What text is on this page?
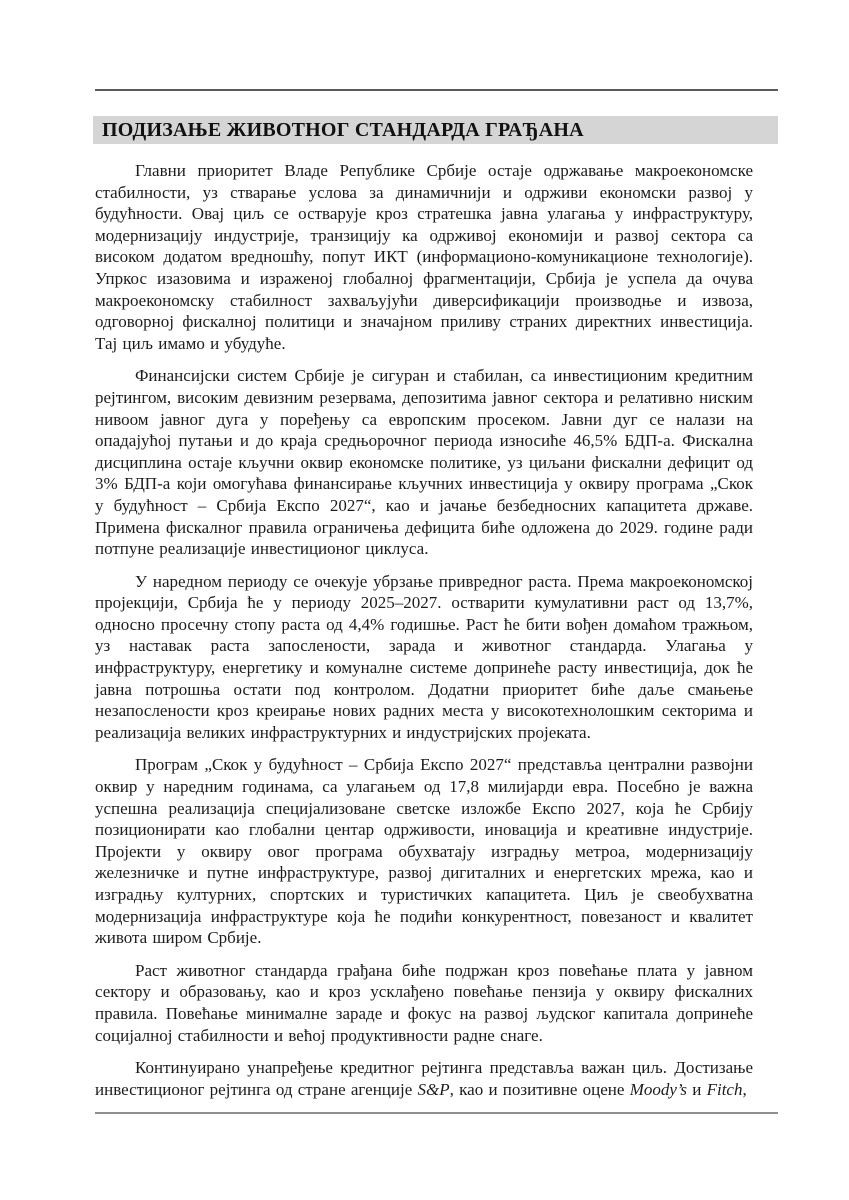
ПОДИЗАЊЕ ЖИВОТНОГ СТАНДАРДА ГРАЂАНА

Главни приоритет Владе Републике Србије остаје одржавање макроекономске стабилности, уз стварање услова за динамичнији и одрживи економски развој у будућности. Овај циљ се остварује кроз стратешка јавна улагања у инфраструктуру, модернизацију индустрије, транзицију ка одрживој економији и развој сектора са високом додатом вредношћу, попут ИКТ (информационо-комуникационе технологије). Упркос изазовима и израженој глобалној фрагментацији, Србија је успела да очува макроекономску стабилност захваљујући диверсификацији производње и извоза, одговорној фискалној политици и значајном приливу страних директних инвестиција. Тај циљ имамо и убудуће.

Финансијски систем Србије је сигуран и стабилан, са инвестиционим кредитним рејтингом, високим девизним резервама, депозитима јавног сектора и релативно ниским нивоом јавног дуга у поређењу са европским просеком. Јавни дуг се налази на опадајућој путањи и до краја средњорочног периода износиће 46,5% БДП-а. Фискална дисциплина остаје кључни оквир економске политике, уз циљани фискални дефицит од 3% БДП-а који омогућава финансирање кључних инвестиција у оквиру програма „Скок у будућност – Србија Експо 2027“, као и јачање безбедносних капацитета државе. Примена фискалног правила ограничења дефицита биће одложена до 2029. године ради потпуне реализације инвестиционог циклуса.

У наредном периоду се очекује убрзање привредног раста. Према макроекономској пројекцији, Србија ће у периоду 2025–2027. остварити кумулативни раст од 13,7%, односно просечну стопу раста од 4,4% годишње. Раст ће бити вођен домаћом тражњом, уз наставак раста запослености, зарада и животног стандарда. Улагања у инфраструктуру, енергетику и комуналне системе допринеће расту инвестиција, док ће јавна потрошња остати под контролом. Додатни приоритет биће даље смањење незапослености кроз креирање нових радних места у високотехнолошким секторима и реализација великих инфраструктурних и индустријских пројеката.

Програм „Скок у будућност – Србија Експо 2027“ представља централни развојни оквир у наредним годинама, са улагањем од 17,8 милијарди евра. Посебно је важна успешна реализација специјализоване светске изложбе Експо 2027, која ће Србију позиционирати као глобални центар одрживости, иновација и креативне индустрије. Пројекти у оквиру овог програма обухватају изградњу метроа, модернизацију железничке и путне инфраструктуре, развој дигиталних и енергетских мрежа, као и изградњу културних, спортских и туристичких капацитета. Циљ је свеобухватна модернизација инфраструктуре која ће подићи конкурентност, повезаност и квалитет живота широм Србије.

Раст животног стандарда грађана биће подржан кроз повећање плата у јавном сектору и образовању, као и кроз усклађено повећање пензија у оквиру фискалних правила. Повећање минималне зараде и фокус на развој људског капитала допринеће социјалној стабилности и већој продуктивности радне снаге.

Континуирано унапређење кредитног рејтинга представља важан циљ. Достизање инвестиционог рејтинга од стране агенције S&P, као и позитивне оцене Moody’s и Fitch,
